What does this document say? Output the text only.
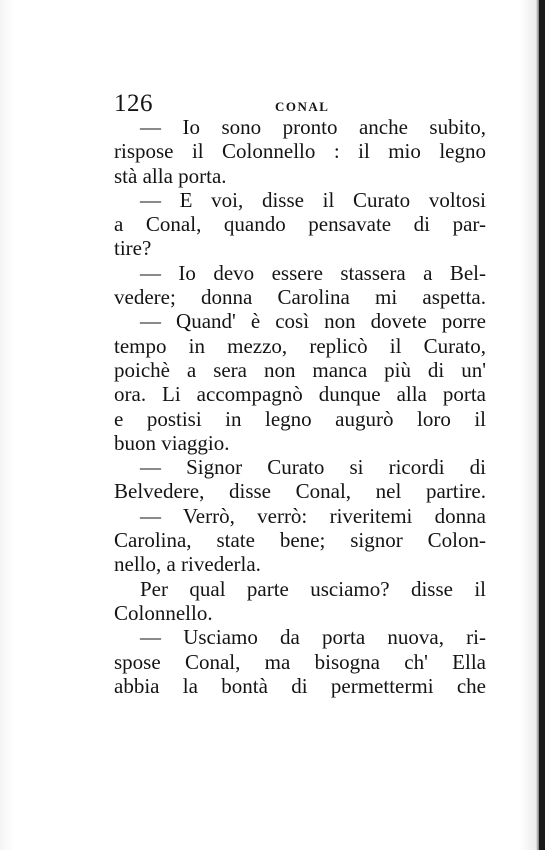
126	CONAL
— Io sono pronto anche subito,
rispose il Colonnello : il mio legno
stà alla porta.
— E voi, disse il Curato voltosi
a Conal, quando pensavate di par-
tire?
— Io devo essere stassera a Bel-
vedere; donna Carolina mi aspetta.
— Quand' è così non dovete porre
tempo in mezzo, replicò il Curato,
poichè a sera non manca più di un'
ora. Li accompagnò dunque alla porta
e postisi in legno augurò loro il
buon viaggio.
— Signor Curato si ricordi di
Belvedere, disse Conal, nel partire.
— Verrò, verrò: riveritemi donna
Carolina, state bene; signor Colon-
nello, a rivederla.
Per qual parte usciamo? disse il
Colonnello.
— Usciamo da porta nuova, ri-
spose Conal, ma bisogna ch' Ella
abbia la bontà di permettermi che
